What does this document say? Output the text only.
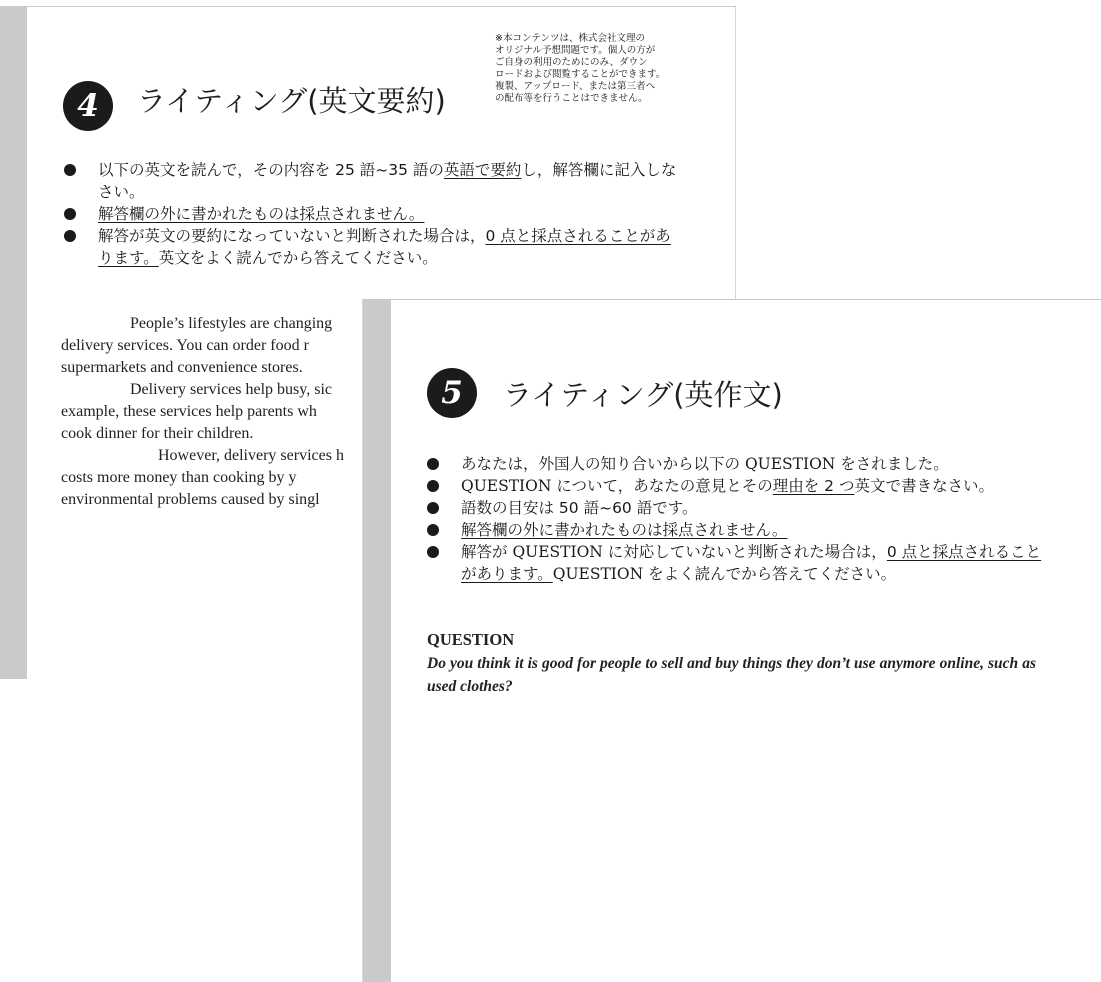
4	ライティング(英文要約)
※本コンテンツは、株式会社文理の
オリジナル予想問題です。個人の方が
ご自身の利用のためにのみ、ダウン
ロードおよび閲覧することができます。
複製、アップロード、または第三者へ
の配布等を行うことはできません。
以下の英文を読んで，その内容を 25 語~35 語の英語で要約し，解答欄に記入しなさい。
解答欄の外に書かれたものは採点されません。
解答が英文の要約になっていないと判断された場合は，0 点と採点されることがあります。英文をよく読んでから答えてください。

People’s lifestyles are changing

delivery services. You can order food r

supermarkets and convenience stores.

Delivery services help busy, sic

example, these services help parents wh

cook dinner for their children.

However, delivery services h

costs more money than cooking by y

environmental problems caused by singl

5	ライティング(英作文)
あなたは，外国人の知り合いから以下の QUESTION をされました。
QUESTION について，あなたの意見とその理由を 2 つ英文で書きなさい。
語数の目安は 50 語~60 語です。
解答欄の外に書かれたものは採点されません。
解答が QUESTION に対応していないと判断された場合は，0 点と採点されることがあります。QUESTION をよく読んでから答えてください。
QUESTION
Do you think it is good for people to sell and buy things they don’t use anymore online, such as used clothes?
